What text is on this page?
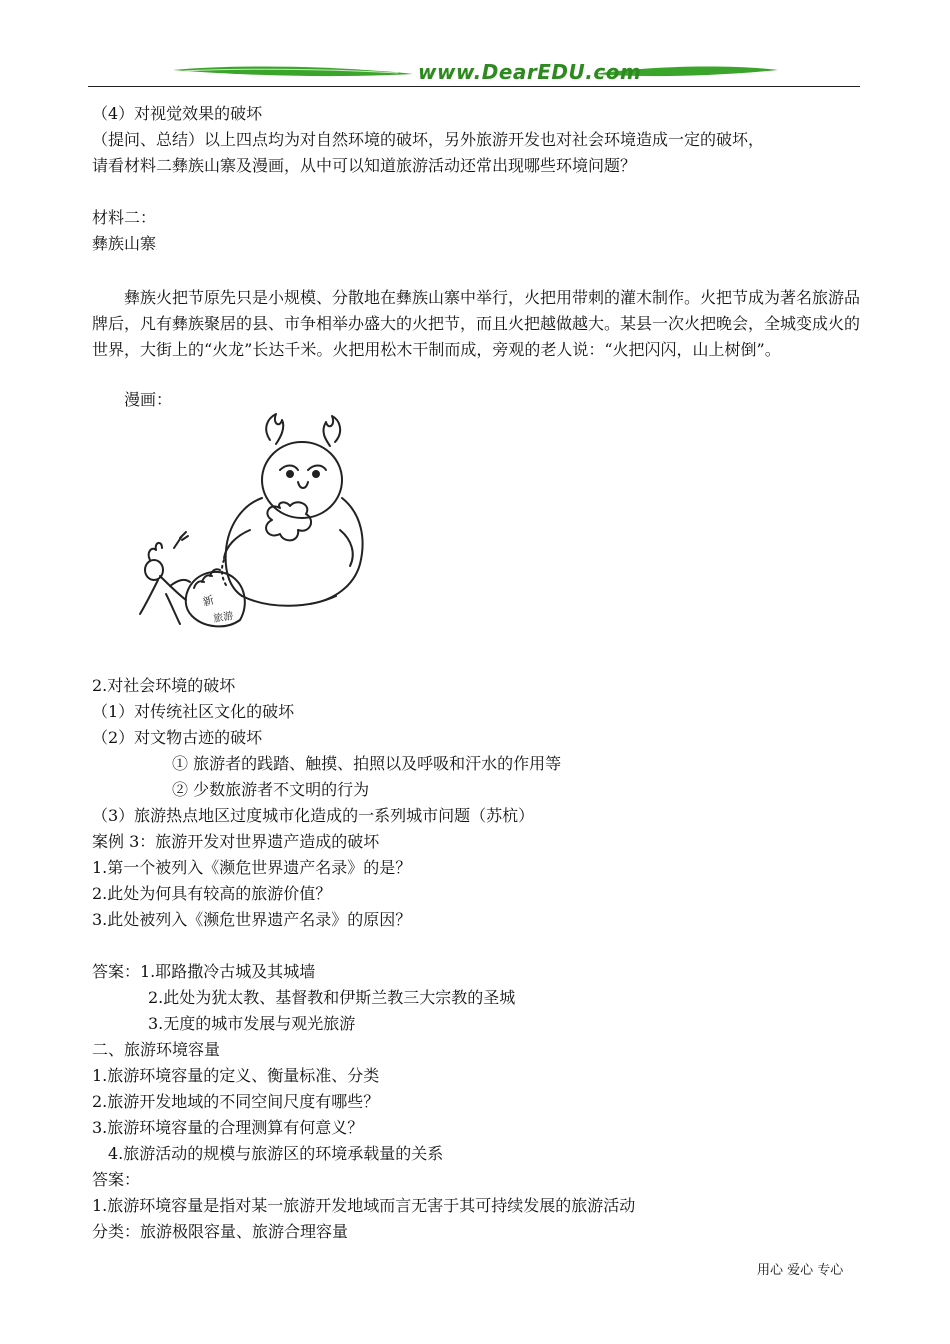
www.DearEDU.com
（4）对视觉效果的破坏
（提问、总结）以上四点均为对自然环境的破坏，另外旅游开发也对社会环境造成一定的破坏，
请看材料二彝族山寨及漫画，从中可以知道旅游活动还常出现哪些环境问题？
材料二：
彝族山寨
彝族火把节原先只是小规模、分散地在彝族山寨中举行，火把用带刺的灌木制作。火把节成为著名旅游品牌后，凡有彝族聚居的县、市争相举办盛大的火把节，而且火把越做越大。某县一次火把晚会，全城变成火的世界，大街上的“火龙”长达千米。火把用松木干制而成，旁观的老人说：“火把闪闪，山上树倒”。
漫画：
新
旅游
2.对社会环境的破坏
（1）对传统社区文化的破坏
（2）对文物古迹的破坏
① 旅游者的践踏、触摸、拍照以及呼吸和汗水的作用等
② 少数旅游者不文明的行为
（3）旅游热点地区过度城市化造成的一系列城市问题（苏杭）
案例 3：旅游开发对世界遗产造成的破坏
1.第一个被列入《濒危世界遗产名录》的是？
2.此处为何具有较高的旅游价值？
3.此处被列入《濒危世界遗产名录》的原因？
答案：1.耶路撒冷古城及其城墙
2.此处为犹太教、基督教和伊斯兰教三大宗教的圣城
3.无度的城市发展与观光旅游
二、旅游环境容量
1.旅游环境容量的定义、衡量标准、分类
2.旅游开发地域的不同空间尺度有哪些？
3.旅游环境容量的合理测算有何意义？
4.旅游活动的规模与旅游区的环境承载量的关系
答案：
1.旅游环境容量是指对某一旅游开发地域而言无害于其可持续发展的旅游活动
分类：旅游极限容量、旅游合理容量
用心 爱心 专心
